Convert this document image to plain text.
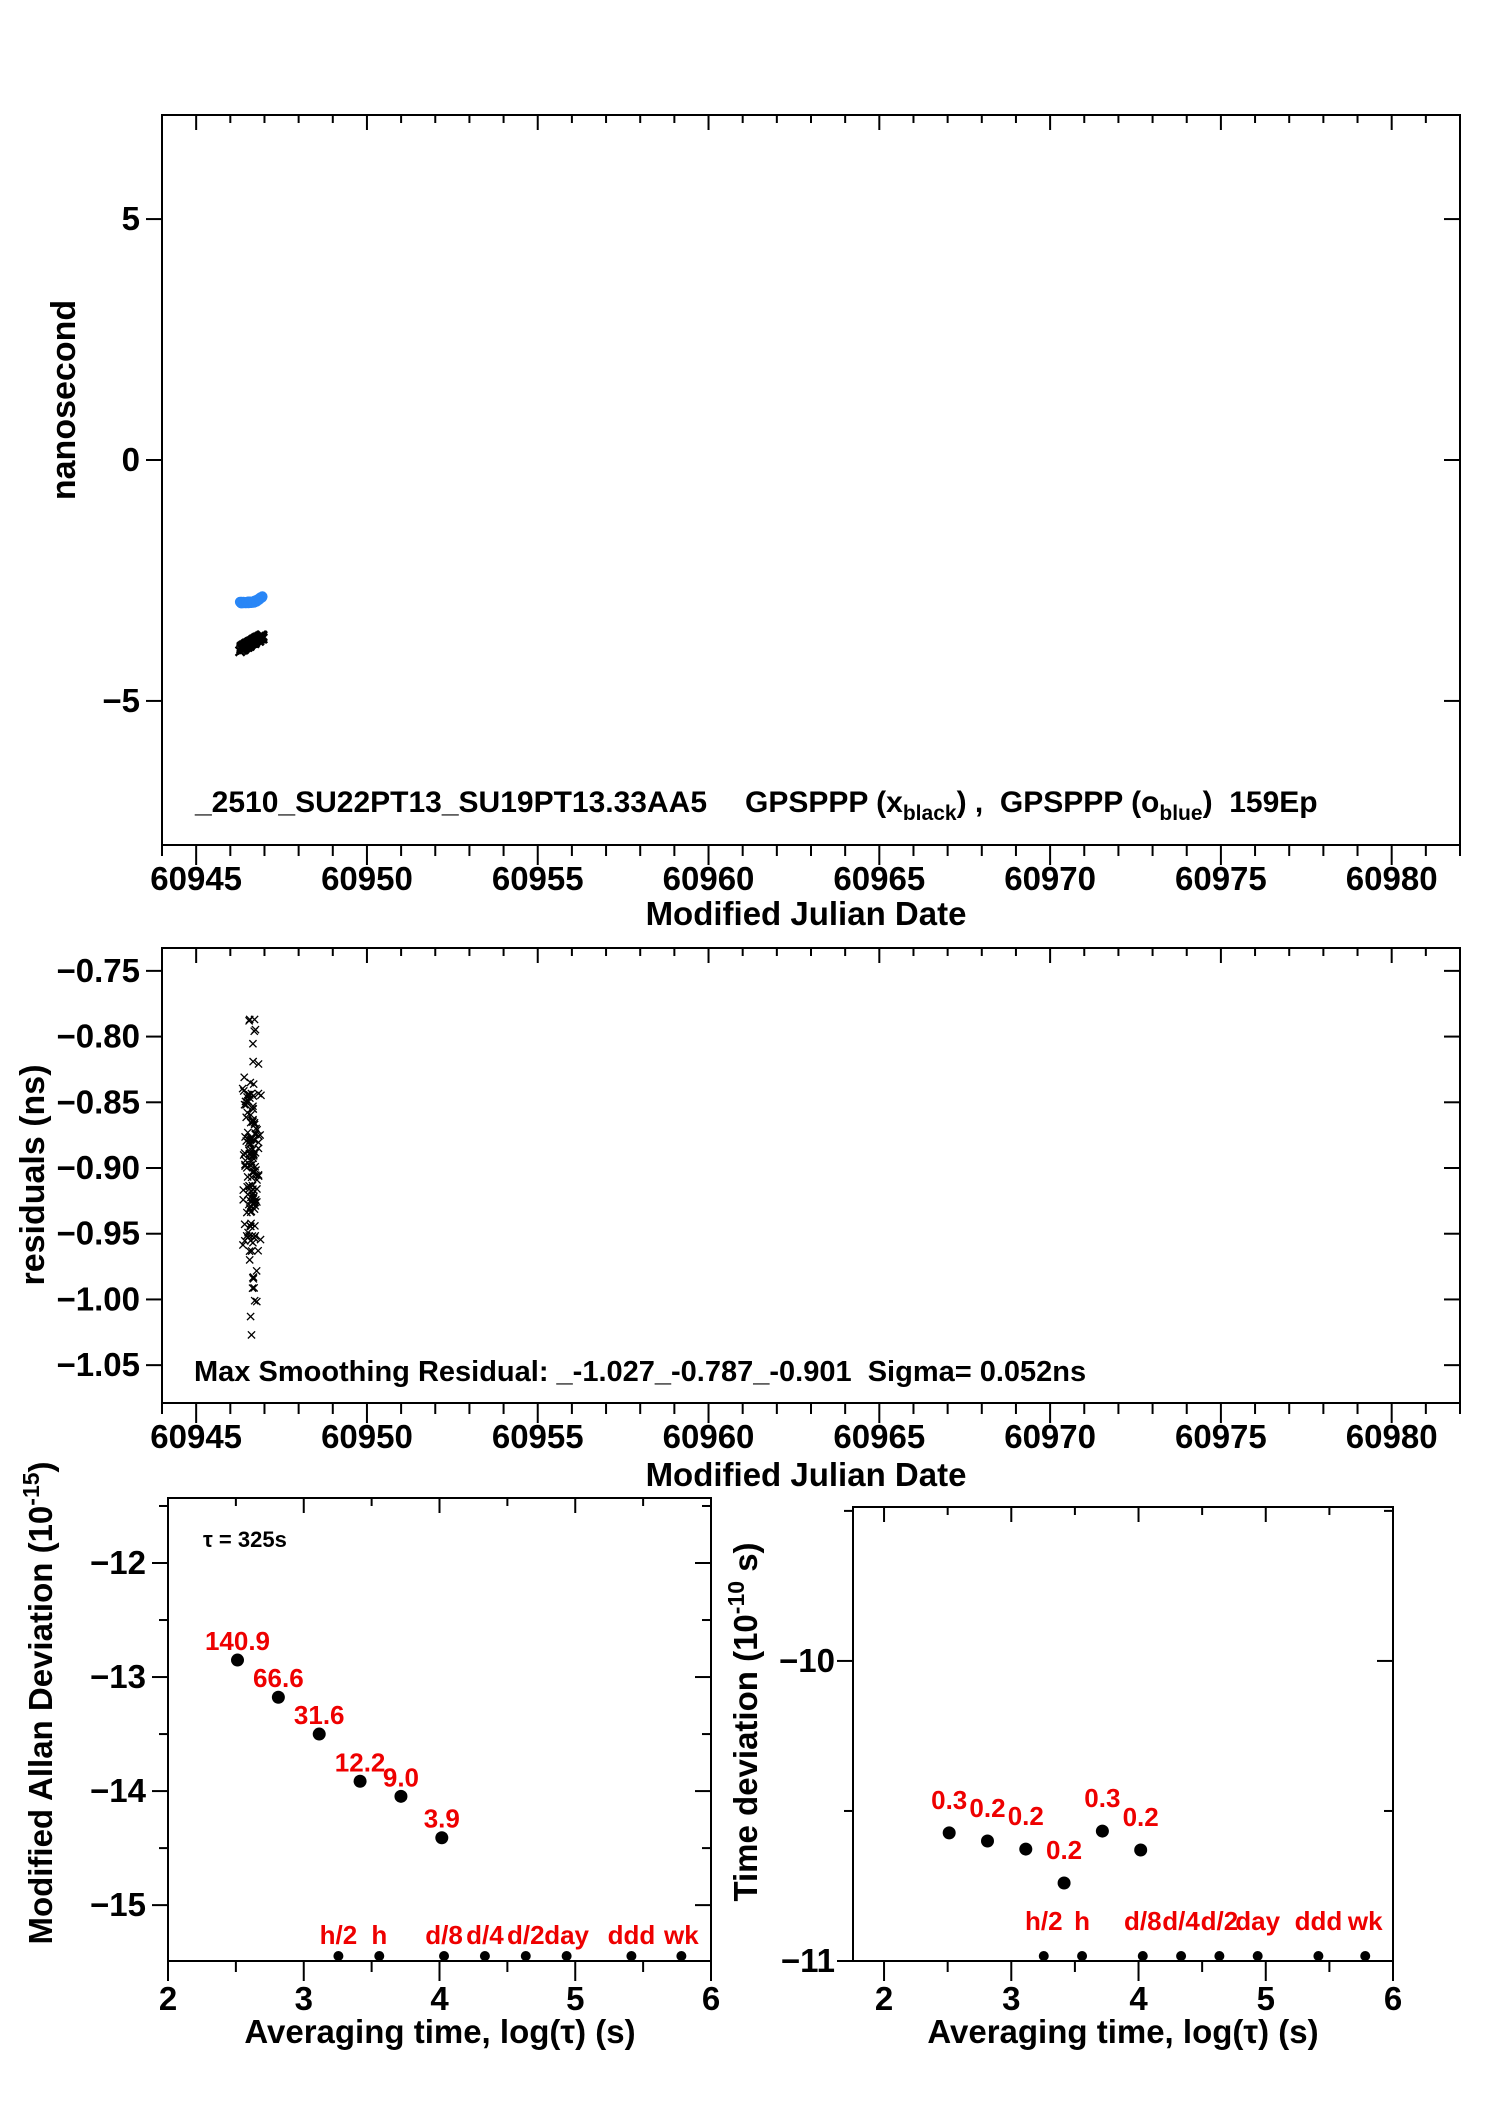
nanosecond
Modified Julian Date
_2510_SU22PT13_SU19PT13.33AA5
residuals (ns)
Modified Julian Date
Max Smoothing Residual: _-1.027_-0.787_-0.901  Sigma= 0.052ns
τ = 325s
Averaging time, log(τ) (s)	Averaging time, log(τ) (s)
60945 60950 60955 60960 60965 60970 60975 60980
5
0
−5
GPSPPP $(x_{black})$ ,  GPSPPP $(o_{blue})$  159Ep
60945 60950 60955 60960 60965 60970 60975 60980
−0.75
−0.80
−0.85
−0.90
−0.95
−1.00
−1.05
2	3	4	5	6
−12
−13
−14
−15
140.9
66.6
31.6
12.2
9.0
3.9
h/2 h d/8 d/4 d/2 day ddd wk
Modified Allan Deviation $(10^{-15})$
2	3	4	5	6
−10
−11
0.3 0.2 0.2
0.2
0.3
0.2
h/2 h d/8 d/4 d/2
day ddd wk
Time deviation ($10^{-10}$ s)
